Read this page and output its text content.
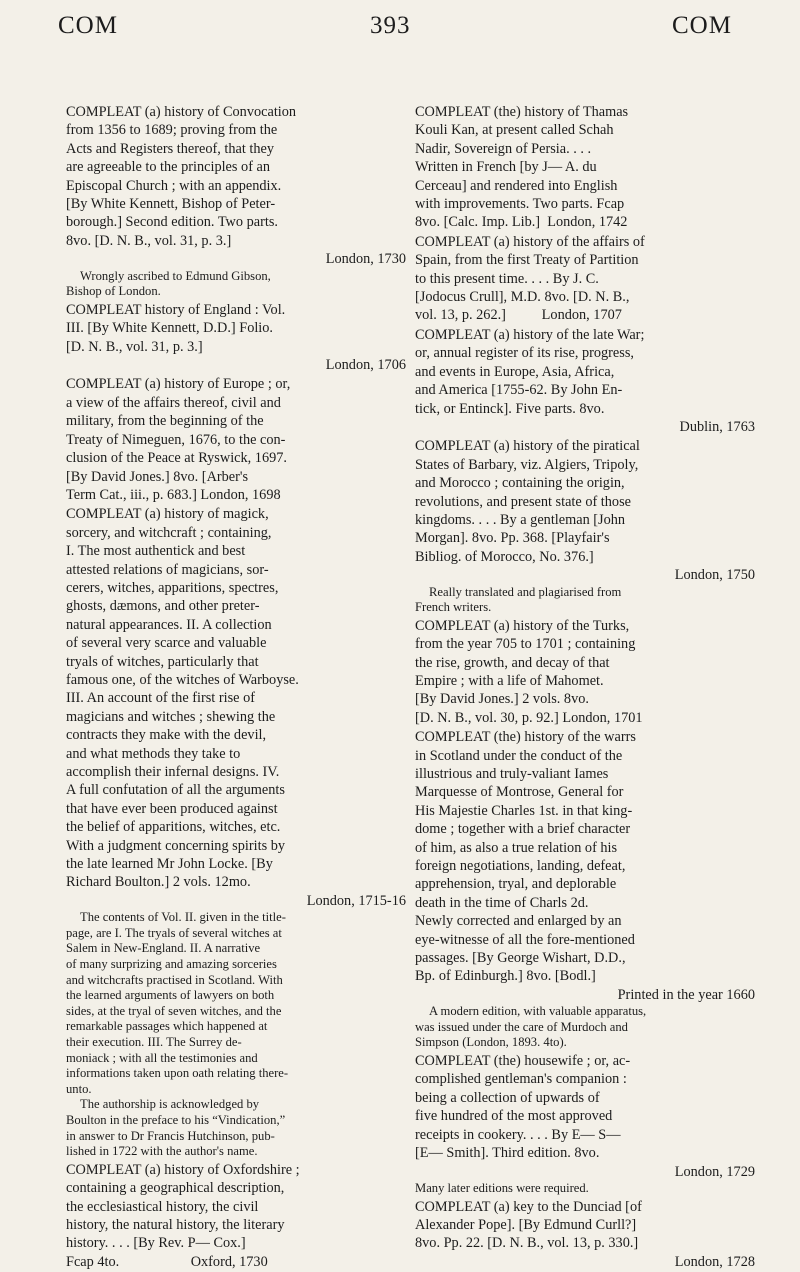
COM	393	COM
COMPLEAT (a) history of Convocation
from 1356 to 1689; proving from the
Acts and Registers thereof, that they
are agreeable to the principles of an
Episcopal Church ; with an appendix.
[By White Kennett, Bishop of Peter-
borough.] Second edition. Two parts.
8vo. [D. N. B., vol. 31, p. 3.]
London, 1730
Wrongly ascribed to Edmund Gibson,
Bishop of London.
COMPLEAT history of England : Vol.
III. [By White Kennett, D.D.] Folio.
[D. N. B., vol. 31, p. 3.]
London, 1706
COMPLEAT (a) history of Europe ; or,
a view of the affairs thereof, civil and
military, from the beginning of the
Treaty of Nimeguen, 1676, to the con-
clusion of the Peace at Ryswick, 1697.
[By David Jones.] 8vo. [Arber's
Term Cat., iii., p. 683.] London, 1698
COMPLEAT (a) history of magick,
sorcery, and witchcraft ; containing,
I. The most authentick and best
attested relations of magicians, sor-
cerers, witches, apparitions, spectres,
ghosts, dæmons, and other preter-
natural appearances. II. A collection
of several very scarce and valuable
tryals of witches, particularly that
famous one, of the witches of Warboyse.
III. An account of the first rise of
magicians and witches ; shewing the
contracts they make with the devil,
and what methods they take to
accomplish their infernal designs. IV.
A full confutation of all the arguments
that have ever been produced against
the belief of apparitions, witches, etc.
With a judgment concerning spirits by
the late learned Mr John Locke. [By
Richard Boulton.] 2 vols. 12mo.
London, 1715-16
The contents of Vol. II. given in the title-
page, are I. The tryals of several witches at
Salem in New-England. II. A narrative
of many surprizing and amazing sorceries
and witchcrafts practised in Scotland. With
the learned arguments of lawyers on both
sides, at the tryal of seven witches, and the
remarkable passages which happened at
their execution. III. The Surrey de-
moniack ; with all the testimonies and
informations taken upon oath relating there-
unto.
The authorship is acknowledged by
Boulton in the preface to his “Vindication,”
in answer to Dr Francis Hutchinson, pub-
lished in 1722 with the author's name.
COMPLEAT (a) history of Oxfordshire ;
containing a geographical description,
the ecclesiastical history, the civil
history, the natural history, the literary
history. . . . [By Rev. P— Cox.]
Fcap 4to.                    Oxford, 1730
COMPLEAT (the) history of Thamas
Kouli Kan, at present called Schah
Nadir, Sovereign of Persia. . . .
Written in French [by J— A. du
Cerceau] and rendered into English
with improvements. Two parts. Fcap
8vo. [Calc. Imp. Lib.]  London, 1742
COMPLEAT (a) history of the affairs of
Spain, from the first Treaty of Partition
to this present time. . . . By J. C.
[Jodocus Crull], M.D. 8vo. [D. N. B.,
vol. 13, p. 262.]          London, 1707
COMPLEAT (a) history of the late War;
or, annual register of its rise, progress,
and events in Europe, Asia, Africa,
and America [1755-62. By John En-
tick, or Entinck]. Five parts. 8vo.
Dublin, 1763
COMPLEAT (a) history of the piratical
States of Barbary, viz. Algiers, Tripoly,
and Morocco ; containing the origin,
revolutions, and present state of those
kingdoms. . . . By a gentleman [John
Morgan]. 8vo. Pp. 368. [Playfair's
Bibliog. of Morocco, No. 376.]
London, 1750
Really translated and plagiarised from
French writers.
COMPLEAT (a) history of the Turks,
from the year 705 to 1701 ; containing
the rise, growth, and decay of that
Empire ; with a life of Mahomet.
[By David Jones.] 2 vols. 8vo.
[D. N. B., vol. 30, p. 92.] London, 1701
COMPLEAT (the) history of the warrs
in Scotland under the conduct of the
illustrious and truly-valiant Iames
Marquesse of Montrose, General for
His Majestie Charles 1st. in that king-
dome ; together with a brief character
of him, as also a true relation of his
foreign negotiations, landing, defeat,
apprehension, tryal, and deplorable
death in the time of Charls 2d.
Newly corrected and enlarged by an
eye-witnesse of all the fore-mentioned
passages. [By George Wishart, D.D.,
Bp. of Edinburgh.] 8vo. [Bodl.]
Printed in the year 1660
A modern edition, with valuable apparatus,
was issued under the care of Murdoch and
Simpson (London, 1893. 4to).
COMPLEAT (the) housewife ; or, ac-
complished gentleman's companion :
being a collection of upwards of
five hundred of the most approved
receipts in cookery. . . . By E— S—
[E— Smith]. Third edition. 8vo.
London, 1729
Many later editions were required.
COMPLEAT (a) key to the Dunciad [of
Alexander Pope]. [By Edmund Curll?]
8vo. Pp. 22. [D. N. B., vol. 13, p. 330.]
London, 1728
